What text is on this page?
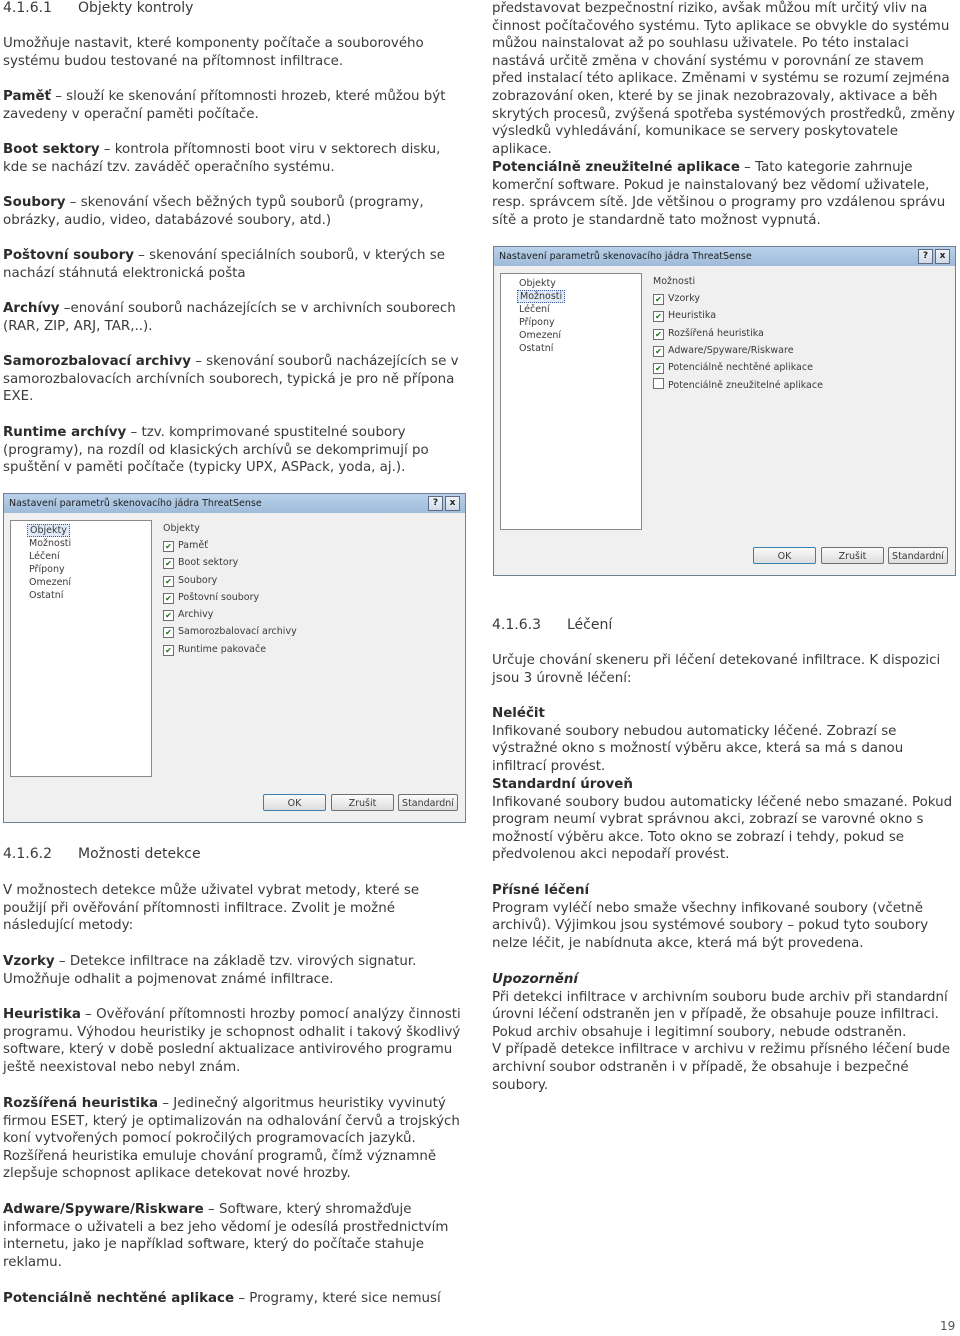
4.1.6.1 Objekty kontroly

Umožňuje nastavit, které komponenty počítače a souborového systému budou testované na přítomnost infiltrace.

Paměť – slouží ke skenování přítomnosti hrozeb, které můžou být zavedeny v operační paměti počítače.

Boot sektory – kontrola přítomnosti boot viru v sektorech disku, kde se nachází tzv. zaváděč operačního systému.

Soubory – skenování všech běžných typů souborů (programy, obrázky, audio, video, databázové soubory, atd.)

Poštovní soubory – skenování speciálních souborů, v kterých se nachází stáhnutá elektronická pošta

Archívy –enování souborů nacházejících se v archivních souborech (RAR, ZIP, ARJ, TAR,..).

Samorozbalovací archivy – skenování souborů nacházejících se v samorozbalovacích archívních souborech, typická je pro ně přípona EXE.

Runtime archívy – tzv. komprimované spustitelné soubory (programy), na rozdíl od klasických archívů se dekomprimují po spuštění v paměti počítače (typicky UPX, ASPack, yoda, aj.).

Nastavení parametrů skenovacího jádra ThreatSense	?	x
Objekty
Možnosti
Léčení
Přípony
Omezení
Ostatní
Objekty
✔ Paměť
✔ Boot sektory
✔ Soubory
✔ Poštovní soubory
✔ Archivy
✔ Samorozbalovací archivy
✔ Runtime pakovače
OK	Zrušit	Standardní
4.1.6.2 Možnosti detekce

V možnostech detekce může uživatel vybrat metody, které se použijí při ověřování přítomnosti infiltrace. Zvolit je možné následující metody:

Vzorky – Detekce infiltrace na základě tzv. virových signatur. Umožňuje odhalit a pojmenovat známé infiltrace.

Heuristika – Ověřování přítomnosti hrozby pomocí analýzy činnosti programu. Výhodou heuristiky je schopnost odhalit i takový škodlivý software, který v době poslední aktualizace antivirového programu ještě neexistoval nebo nebyl znám.

Rozšířená heuristika – Jedinečný algoritmus heuristiky vyvinutý firmou ESET, který je optimalizován na odhalování červů a trojských koní vytvořených pomocí pokročilých programovacích jazyků. Rozšířená heuristika emuluje chování programů, čímž významně zlepšuje schopnost aplikace detekovat nové hrozby.

Adware/Spyware/Riskware – Software, který shromažďuje informace o uživateli a bez jeho vědomí je odesílá prostřednictvím internetu, jako je například software, který do počítače stahuje reklamu.

Potenciálně nechtěné aplikace – Programy, které sice nemusí

představovat bezpečnostní riziko, avšak můžou mít určitý vliv na činnost počítačového systému. Tyto aplikace se obvykle do systému můžou nainstalovat až po souhlasu uživatele. Po této instalaci nastává určitě změna v chování systému v porovnání ze stavem před instalací této aplikace. Změnami v systému se rozumí zejména zobrazování oken, které by se jinak nezobrazovaly, aktivace a běh skrytých procesů, zvýšená spotřeba systémových prostředků, změny výsledků vyhledávání, komunikace se servery poskytovatele aplikace.

Potenciálně zneužitelné aplikace – Tato kategorie zahrnuje komerční software. Pokud je nainstalovaný bez vědomí uživatele, resp. správcem sítě. Jde většinou o programy pro vzdálenou správu sítě a proto je standardně tato možnost vypnutá.

Nastavení parametrů skenovacího jádra ThreatSense	?	x
Objekty
Možnosti
Léčení
Přípony
Omezení
Ostatní
Možnosti
✔ Vzorky
✔ Heuristika
✔ Rozšířená heuristika
✔ Adware/Spyware/Riskware
✔ Potenciálně nechtěné aplikace
Potenciálně zneužitelné aplikace
OK	Zrušit	Standardní
4.1.6.3 Léčení

Určuje chování skeneru při léčení detekované infiltrace. K dispozici jsou 3 úrovně léčení:

Neléčit

Infikované soubory nebudou automaticky léčené. Zobrazí se výstražné okno s možností výběru akce, která sa má s danou infiltrací provést.

Standardní úroveň

Infikované soubory budou automaticky léčené nebo smazané. Pokud program neumí vybrat správnou akci, zobrazí se varovné okno s možností výběru akce. Toto okno se zobrazí i tehdy, pokud se předvolenou akci nepodaří provést.

Přísné léčení

Program vyléčí nebo smaže všechny infikované soubory (včetně archivů). Výjimkou jsou systémové soubory – pokud tyto soubory nelze léčit, je nabídnuta akce, která má být provedena.

Upozornění

Při detekci infiltrace v archivním souboru bude archiv při standardní úrovni léčení odstraněn jen v případě, že obsahuje pouze infiltraci. Pokud archiv obsahuje i legitimní soubory, nebude odstraněn.

V případě detekce infiltrace v archivu v režimu přísného léčení bude archivní soubor odstraněn i v případě, že obsahuje i bezpečné soubory.

19
